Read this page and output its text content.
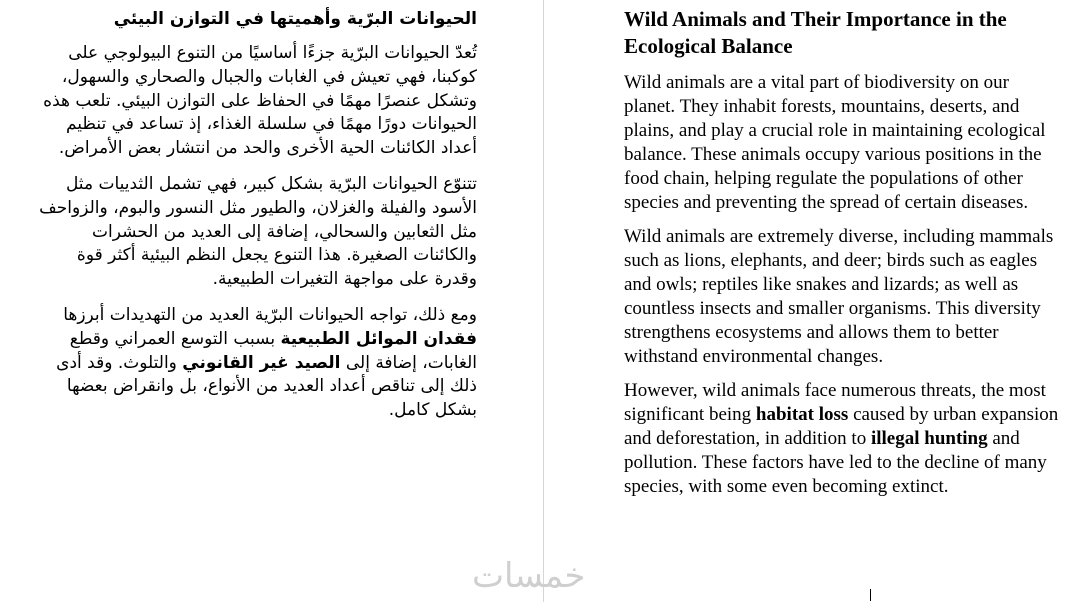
الحيوانات البرّية وأهميتها في التوازن البيئي

تُعدّ الحيوانات البرّية جزءًا أساسيًا من التنوع البيولوجي على كوكبنا، فهي تعيش في الغابات والجبال والصحاري والسهول، وتشكل عنصرًا مهمًا في الحفاظ على التوازن البيئي. تلعب هذه الحيوانات دورًا مهمًا في سلسلة الغذاء، إذ تساعد في تنظيم أعداد الكائنات الحية الأخرى والحد من انتشار بعض الأمراض.

تتنوّع الحيوانات البرّية بشكل كبير، فهي تشمل الثدييات مثل الأسود والفيلة والغزلان، والطيور مثل النسور والبوم، والزواحف مثل الثعابين والسحالي، إضافة إلى العديد من الحشرات والكائنات الصغيرة. هذا التنوع يجعل النظم البيئية أكثر قوة وقدرة على مواجهة التغيرات الطبيعية.

ومع ذلك، تواجه الحيوانات البرّية العديد من التهديدات أبرزها فقدان الموائل الطبيعية بسبب التوسع العمراني وقطع الغابات، إضافة إلى الصيد غير القانوني والتلوث. وقد أدى ذلك إلى تناقص أعداد العديد من الأنواع، بل وانقراض بعضها بشكل كامل.

Wild Animals and Their Importance in the Ecological Balance

Wild animals are a vital part of biodiversity on our planet. They inhabit forests, mountains, deserts, and plains, and play a crucial role in maintaining ecological balance. These animals occupy various positions in the food chain, helping regulate the populations of other species and preventing the spread of certain diseases.

Wild animals are extremely diverse, including mammals such as lions, elephants, and deer; birds such as eagles and owls; reptiles like snakes and lizards; as well as countless insects and smaller organisms. This diversity strengthens ecosystems and allows them to better withstand environmental changes.

However, wild animals face numerous threats, the most significant being habitat loss caused by urban expansion and deforestation, in addition to illegal hunting and pollution. These factors have led to the decline of many species, with some even becoming extinct.

خمسات
